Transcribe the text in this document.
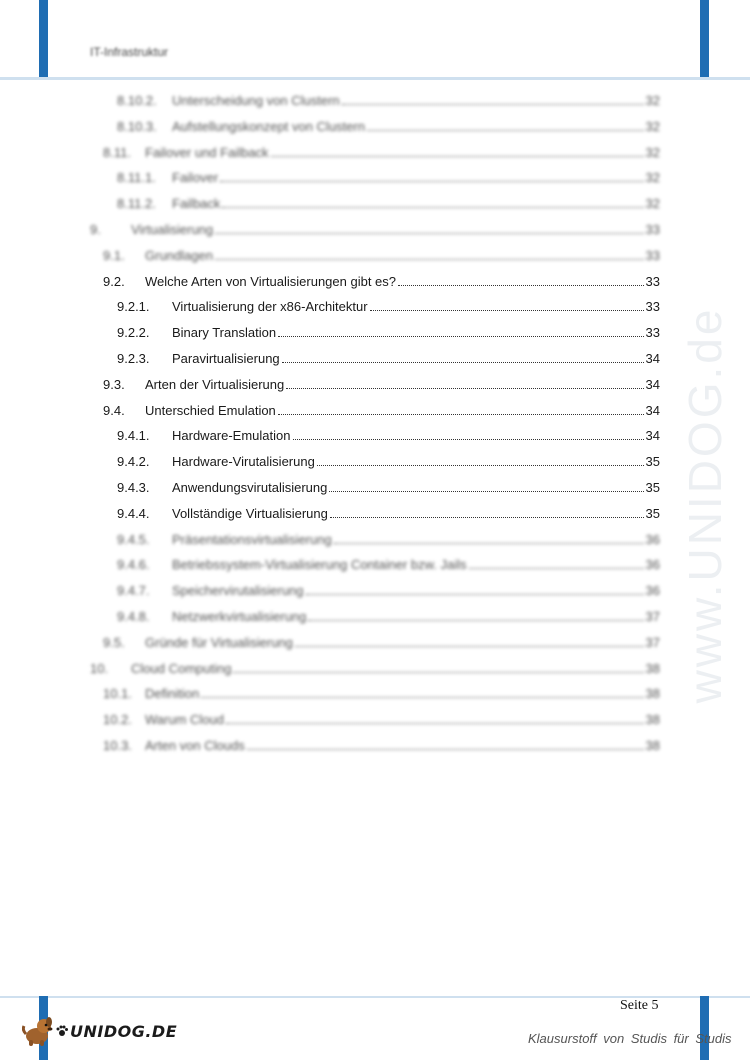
IT-Infrastruktur
www.UNIDOG.de
8.10.2.	Unterscheidung von Clustern	32
8.10.3.	Aufstellungskonzept von Clustern	32
8.11.	Failover und Failback	32
8.11.1.	Failover	32
8.11.2.	Failback	32
9.	Virtualisierung	33
9.1.	Grundlagen	33
9.2.	Welche Arten von Virtualisierungen gibt es?	33
9.2.1.	Virtualisierung der x86-Architektur	33
9.2.2.	Binary Translation	33
9.2.3.	Paravirtualisierung	34
9.3.	Arten der Virtualisierung	34
9.4.	Unterschied Emulation	34
9.4.1.	Hardware-Emulation	34
9.4.2.	Hardware-Virutalisierung	35
9.4.3.	Anwendungsvirutalisierung	35
9.4.4.	Vollständige Virtualisierung	35
9.4.5.	Präsentationsvirtualisierung	36
9.4.6.	Betriebssystem-Virtualisierung Container bzw. Jails	36
9.4.7.	Speichervirutalisierung	36
9.4.8.	Netzwerkvirtualisierung	37
9.5.	Gründe für Virtualisierung	37
10.	Cloud Computing	38
10.1.	Definition	38
10.2.	Warum Cloud	38
10.3.	Arten von Clouds	38
Seite 5
UNIDOG.DE	Klausurstoff von Studis für Studis
